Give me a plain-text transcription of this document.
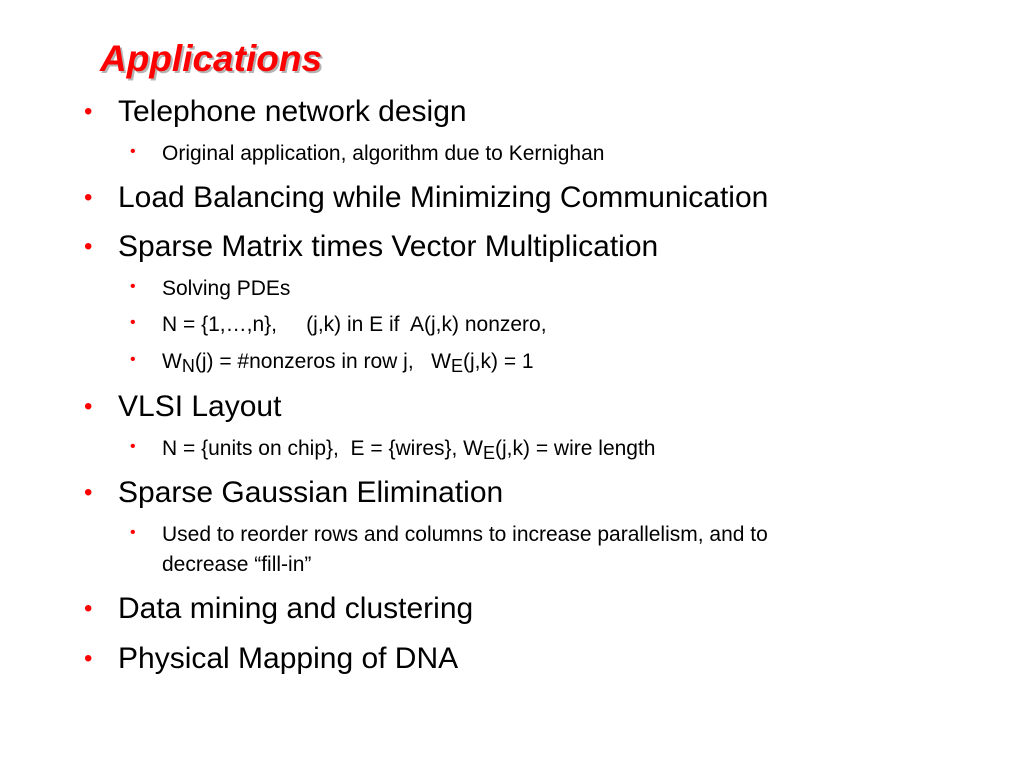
Applications
• Telephone network design
• Original application, algorithm due to Kernighan
• Load Balancing while Minimizing Communication
• Sparse Matrix times Vector Multiplication
• Solving PDEs
• N = {1,…,n},     (j,k) in E if  A(j,k) nonzero,
• $W_N(j)$ = #nonzeros in row j,   $W_E(j,k) = 1$
• VLSI Layout
• N = {units on chip},  E = {wires}, $W_E(j,k)$ = wire length
• Sparse Gaussian Elimination
• Used to reorder rows and columns to increase parallelism, and to
decrease “fill-in”
• Data mining and clustering
• Physical Mapping of DNA
